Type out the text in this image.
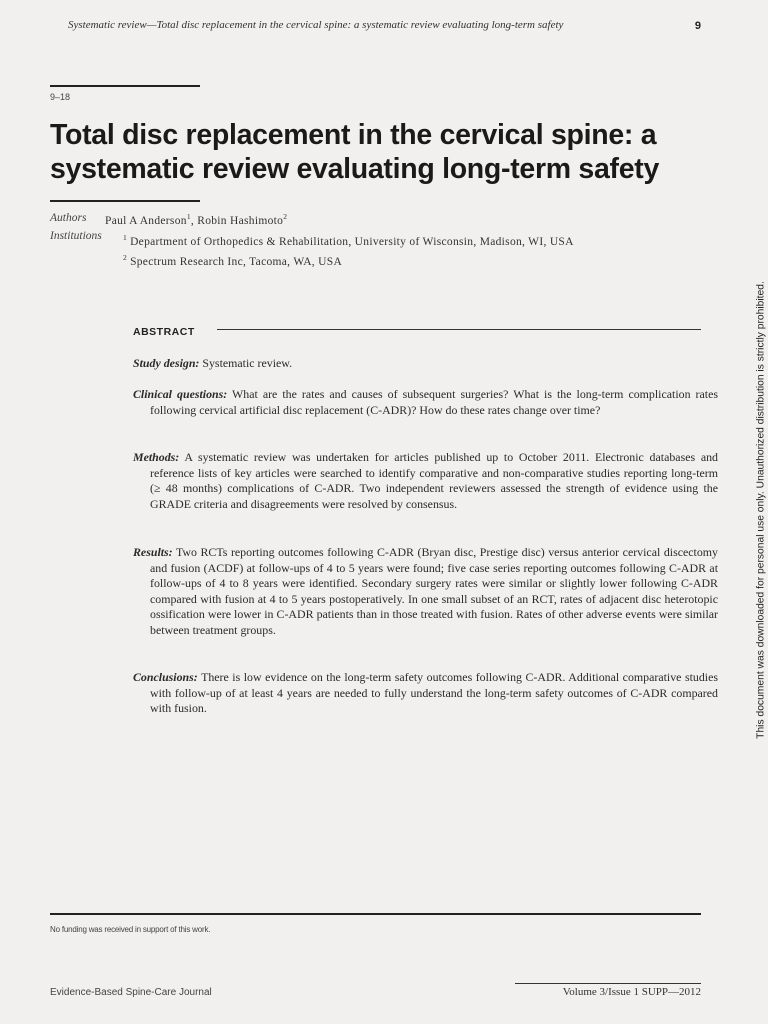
Systematic review—Total disc replacement in the cervical spine: a systematic review evaluating long-term safety	9
9–18
Total disc replacement in the cervical spine: a systematic review evaluating long-term safety
Authors Paul A Anderson$^1$, Robin Hashimoto$^2$
Institutions	$^1$ Department of Orthopedics & Rehabilitation, University of Wisconsin, Madison, WI, USA
$^2$ Spectrum Research Inc, Tacoma, WA, USA
ABSTRACT

Study design: Systematic review.

Clinical questions: What are the rates and causes of subsequent surgeries? What is the long-term complication rates following cervical artificial disc replacement (C-ADR)? How do these rates change over time?

Methods: A systematic review was undertaken for articles published up to October 2011. Electronic databases and reference lists of key articles were searched to identify comparative and non-comparative studies reporting long-term (≥ 48 months) complications of C-ADR. Two independent reviewers assessed the strength of evidence using the GRADE criteria and disagreements were resolved by consensus.

Results: Two RCTs reporting outcomes following C-ADR (Bryan disc, Prestige disc) versus anterior cervical discectomy and fusion (ACDF) at follow-ups of 4 to 5 years were found; five case series reporting outcomes following C-ADR at follow-ups of 4 to 8 years were identified. Secondary surgery rates were similar or slightly lower following C-ADR compared with fusion at 4 to 5 years postoperatively. In one small subset of an RCT, rates of adjacent disc heterotopic ossification were lower in C-ADR patients than in those treated with fusion. Rates of other adverse events were similar between treatment groups.

Conclusions: There is low evidence on the long-term safety outcomes following C-ADR. Additional comparative studies with follow-up of at least 4 years are needed to fully understand the long-term safety outcomes of C-ADR compared with fusion.

No funding was received in support of this work.
Evidence-Based Spine-Care Journal	Volume 3/Issue 1 SUPP—2012
This document was downloaded for personal use only. Unauthorized distribution is strictly prohibited.
